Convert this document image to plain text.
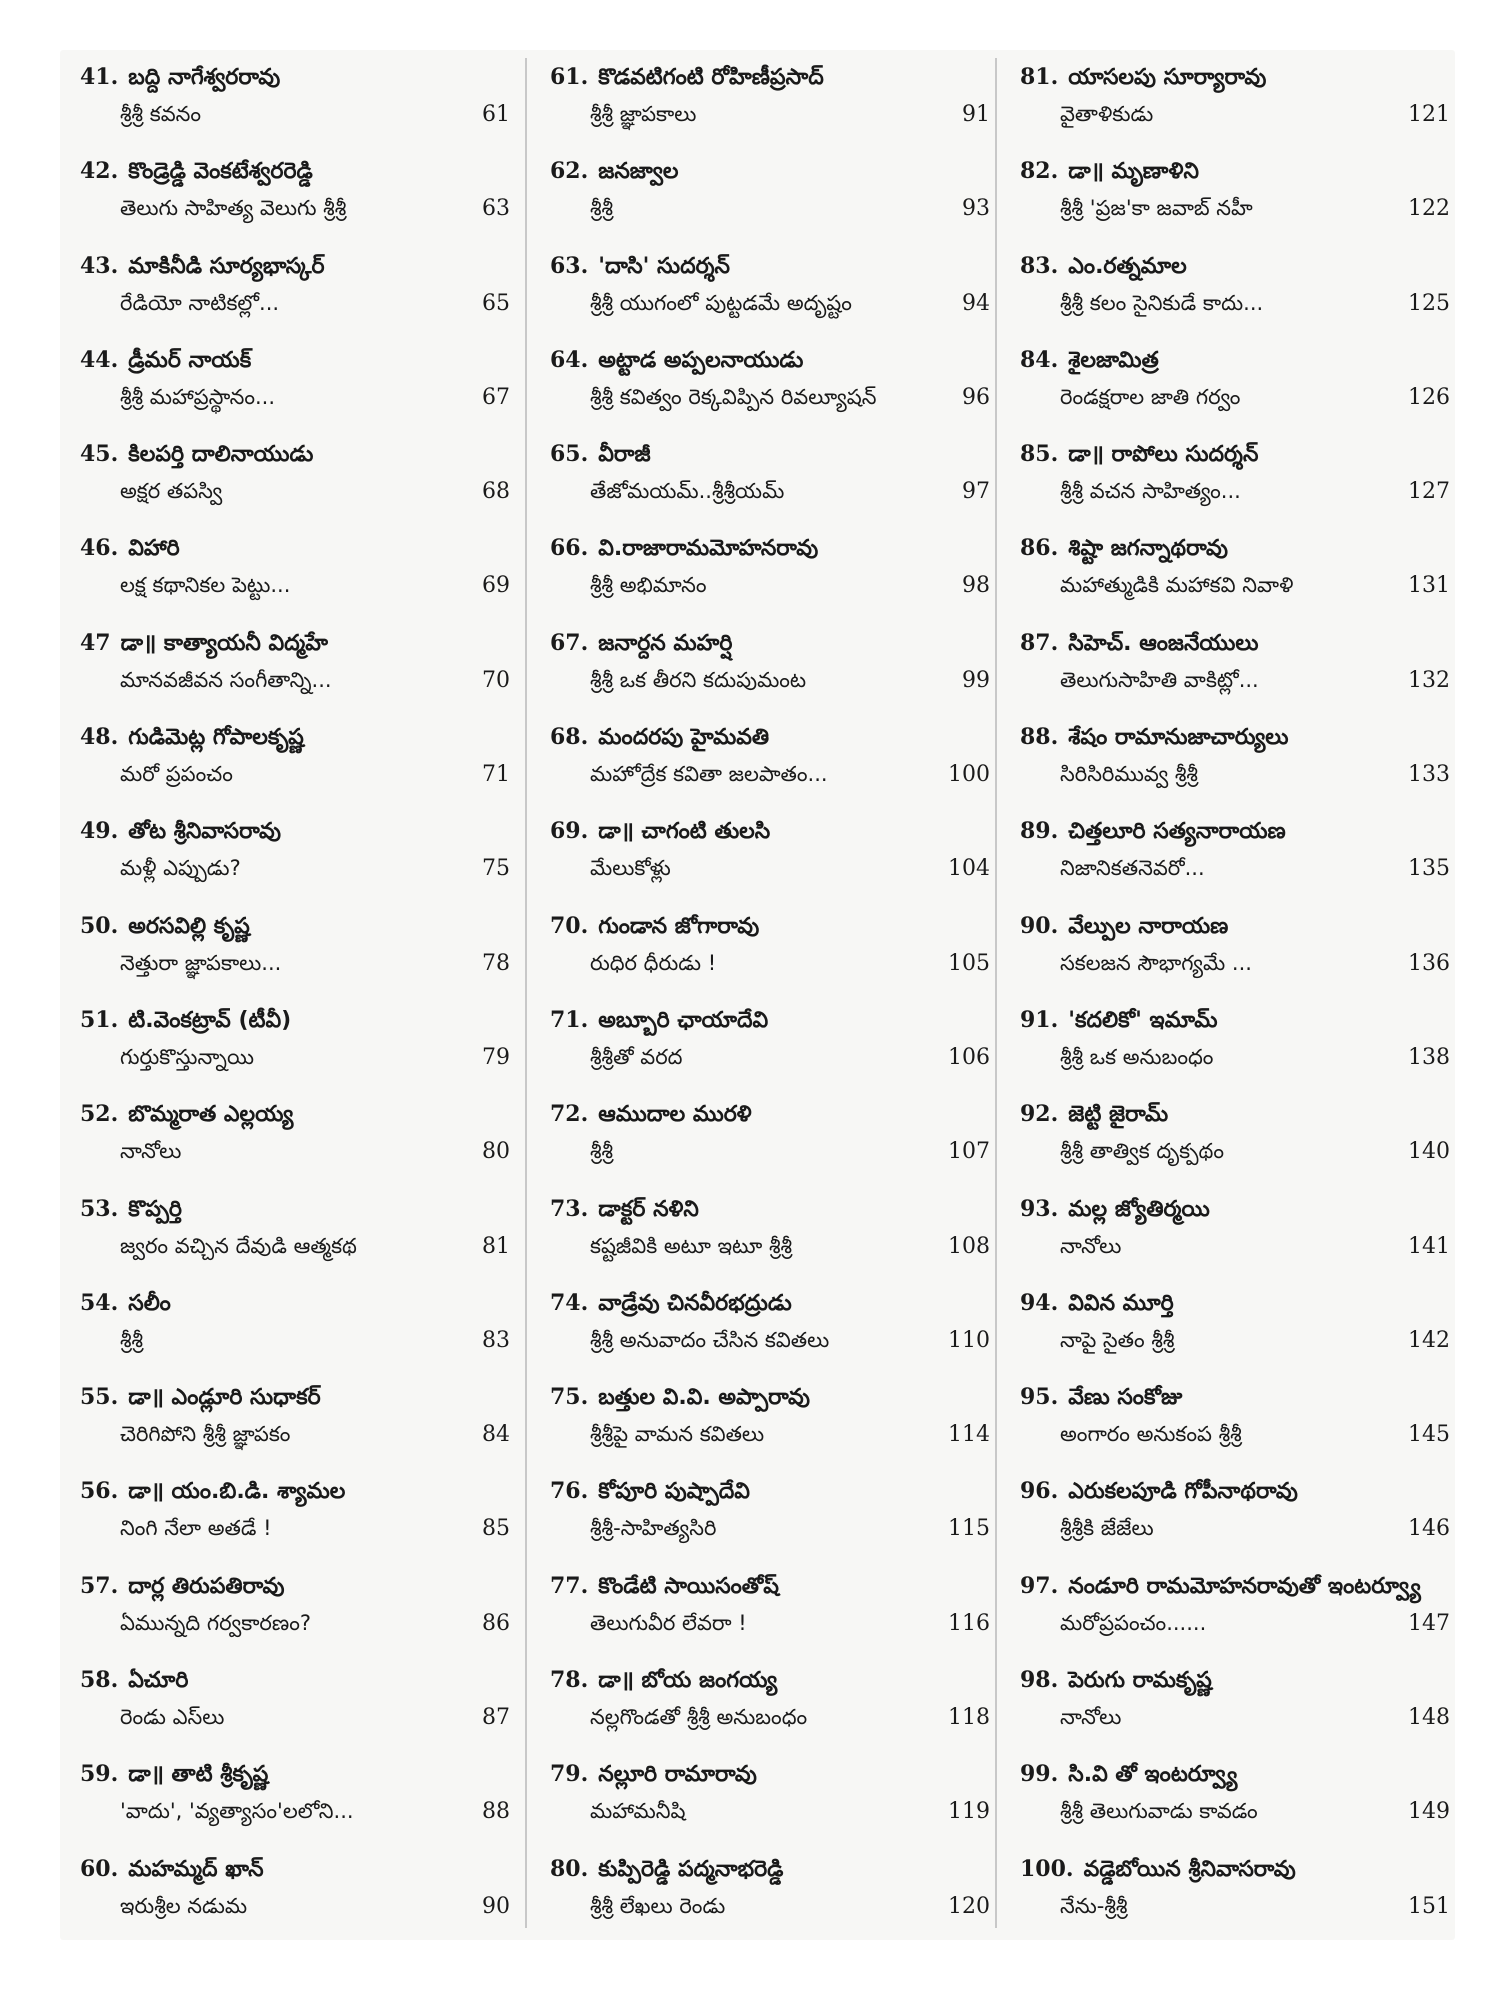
41. బద్ది నాగేశ్వరరావు
శ్రీశ్రీ కవనం	61
42. కొండ్రెడ్డి వెంకటేశ్వరరెడ్డి
తెలుగు సాహిత్య వెలుగు శ్రీశ్రీ	63
43. మాకినీడి సూర్యభాస్కర్
రేడియో నాటికల్లో...	65
44. డ్రీమర్ నాయక్
శ్రీశ్రీ మహాప్రస్థానం...	67
45. కిలపర్తి దాలినాయుడు
అక్షర తపస్వి	68
46. విహారి
లక్ష కథానికల పెట్టు...	69
47 డా॥ కాత్యాయనీ విద్మహే
మానవజీవన సంగీతాన్ని...	70
48. గుడిమెట్ల గోపాలకృష్ణ
మరో ప్రపంచం	71
49. తోట శ్రీనివాసరావు
మళ్లీ ఎప్పుడు?	75
50. అరసవిల్లి కృష్ణ
నెత్తురా జ్ఞాపకాలు...	78
51. టి.వెంకట్రావ్ (టీవీ)
గుర్తుకొస్తున్నాయి	79
52. బొమ్మరాత ఎల్లయ్య
నానోలు	80
53. కొప్పర్తి
జ్వరం వచ్చిన దేవుడి ఆత్మకథ	81
54. సలీం
శ్రీశ్రీ	83
55. డా॥ ఎండ్లూరి సుధాకర్
చెరిగిపోని శ్రీశ్రీ జ్ఞాపకం	84
56. డా॥ యం.బి.డి. శ్యామల
నింగి నేలా అతడే !	85
57. దార్ల తిరుపతిరావు
ఏమున్నది గర్వకారణం?	86
58. ఏచూరి
రెండు ఎస్‌లు	87
59. డా॥ తాటి శ్రీకృష్ణ
'వాదు', 'వ్యత్యాసం'లలోని...	88
60. మహమ్మద్ ఖాన్
ఇరుశ్రీల నడుమ	90
61. కొడవటిగంటి రోహిణీప్రసాద్
శ్రీశ్రీ జ్ఞాపకాలు	91
62. జనజ్వాల
శ్రీశ్రీ	93
63. 'దాసి' సుదర్శన్
శ్రీశ్రీ యుగంలో పుట్టడమే అదృష్టం	94
64. అట్టాడ అప్పలనాయుడు
శ్రీశ్రీ కవిత్వం రెక్కవిప్పిన రివల్యూషన్	96
65. వీరాజీ
తేజోమయమ్..శ్రీశ్రీయమ్	97
66. వి.రాజారామమోహనరావు
శ్రీశ్రీ అభిమానం	98
67. జనార్దన మహర్షి
శ్రీశ్రీ ఒక తీరని కదుపుమంట	99
68. మందరపు హైమవతి
మహోద్రేక కవితా జలపాతం...	100
69. డా॥ చాగంటి తులసి
మేలుకోళ్లు	104
70. గుండాన జోగారావు
రుధిర ధీరుడు !	105
71. అబ్బూరి ఛాయాదేవి
శ్రీశ్రీతో వరద	106
72. ఆముదాల మురళి
శ్రీశ్రీ	107
73. డాక్టర్ నళిని
కష్టజీవికి అటూ ఇటూ శ్రీశ్రీ	108
74. వాడ్రేవు చినవీరభద్రుడు
శ్రీశ్రీ అనువాదం చేసిన కవితలు	110
75. బత్తుల వి.వి. అప్పారావు
శ్రీశ్రీపై వామన కవితలు	114
76. కోపూరి పుష్పాదేవి
శ్రీశ్రీ-సాహిత్యసిరి	115
77. కొండేటి సాయిసంతోష్
తెలుగువీర లేవరా !	116
78. డా॥ బోయ జంగయ్య
నల్లగొండతో శ్రీశ్రీ అనుబంధం	118
79. నల్లూరి రామారావు
మహామనీషి	119
80. కుప్పిరెడ్డి పద్మనాభరెడ్డి
శ్రీశ్రీ లేఖలు రెండు	120
81. యాసలపు సూర్యారావు
వైతాళికుడు	121
82. డా॥ మృణాళిని
శ్రీశ్రీ 'ప్రజ'కా జవాబ్ నహీ	122
83. ఎం.రత్నమాల
శ్రీశ్రీ కలం సైనికుడే కాదు...	125
84. శైలజామిత్ర
రెండక్షరాల జాతి గర్వం	126
85. డా॥ రాపోలు సుదర్శన్
శ్రీశ్రీ వచన సాహిత్యం...	127
86. శిష్టా జగన్నాథరావు
మహాత్ముడికి మహాకవి నివాళి	131
87. సిహెచ్. ఆంజనేయులు
తెలుగుసాహితి వాకిట్లో...	132
88. శేషం రామానుజాచార్యులు
సిరిసిరిమువ్వ శ్రీశ్రీ	133
89. చిత్తలూరి సత్యనారాయణ
నిజానికతనెవరో...	135
90. వేల్పుల నారాయణ
సకలజన సౌభాగ్యమే ...	136
91. 'కదలికో' ఇమామ్
శ్రీశ్రీ ఒక అనుబంధం	138
92. జెట్టి జైరామ్
శ్రీశ్రీ తాత్విక దృక్పథం	140
93. మల్ల జ్యోతిర్మయి
నానోలు	141
94. వివిన మూర్తి
నాపై సైతం శ్రీశ్రీ	142
95. వేణు సంకోజు
అంగారం అనుకంప శ్రీశ్రీ	145
96. ఎరుకలపూడి గోపీనాథరావు
శ్రీశ్రీకి జేజేలు	146
97. నండూరి రామమోహనరావుతో ఇంటర్వ్యూ
మరోప్రపంచం......	147
98. పెరుగు రామకృష్ణ
నానోలు	148
99. సి.వి తో ఇంటర్వ్యూ
శ్రీశ్రీ తెలుగువాడు కావడం	149
100. వడ్డెబోయిన శ్రీనివాసరావు
నేను-శ్రీశ్రీ	151
